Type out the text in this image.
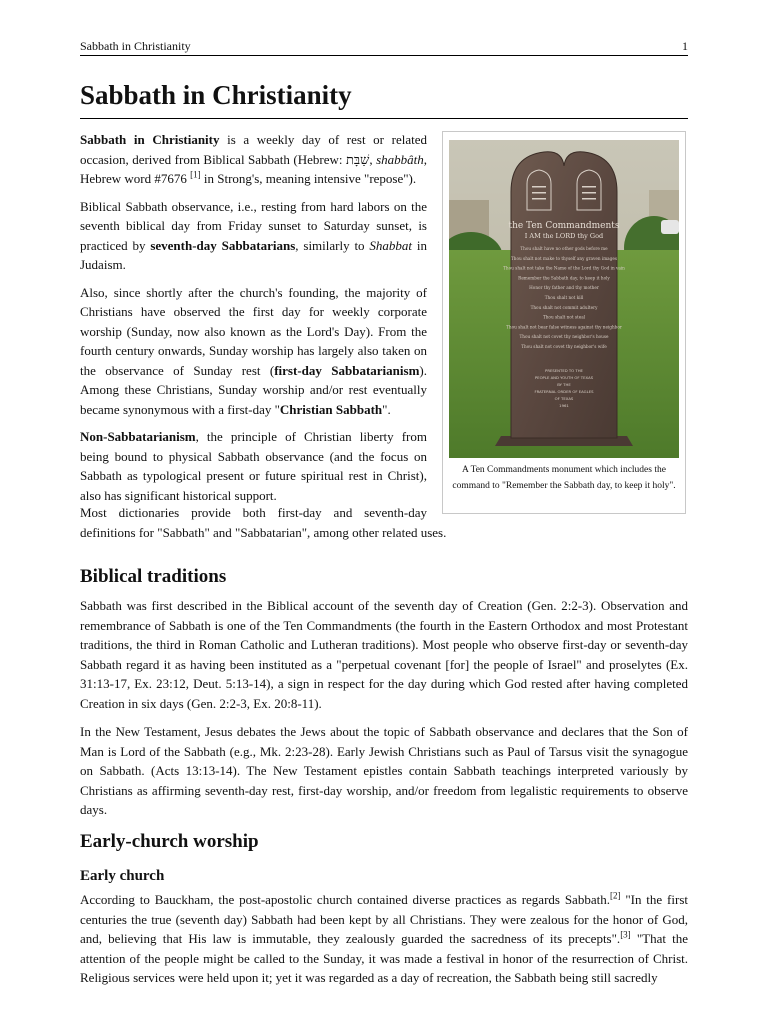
Sabbath in Christianity	1
Sabbath in Christianity

Sabbath in Christianity is a weekly day of rest or related occasion, derived from Biblical Sabbath (Hebrew: שַׁבָּת, shabbâth, Hebrew word #7676 [1] in Strong's, meaning intensive "repose").

Biblical Sabbath observance, i.e., resting from hard labors on the seventh biblical day from Friday sunset to Saturday sunset, is practiced by seventh-day Sabbatarians, similarly to Shabbat in Judaism.

Also, since shortly after the church's founding, the majority of Christians have observed the first day for weekly corporate worship (Sunday, now also known as the Lord's Day). From the fourth century onwards, Sunday worship has largely also taken on the observance of Sunday rest (first-day Sabbatarianism). Among these Christians, Sunday worship and/or rest eventually became synonymous with a first-day "Christian Sabbath".

Non-Sabbatarianism, the principle of Christian liberty from being bound to physical Sabbath observance (and the focus on Sabbath as typological present or future spiritual rest in Christ), also has significant historical support.

the Ten Commandments
I AM the LORD thy God
Thou shalt have no other gods before me
Thou shalt not make to thyself any graven images
Thou shalt not take the Name of the Lord thy God in vain
Remember the Sabbath day, to keep it holy
Honor thy father and thy mother
Thou shalt not kill
Thou shalt not commit adultery
Thou shalt not steal
Thou shalt not bear false witness against thy neighbor
Thou shalt not covet thy neighbor's house
Thou shalt not covet thy neighbor's wife
PRESENTED TO THE
PEOPLE AND YOUTH OF TEXAS
BY THE
FRATERNAL ORDER OF EAGLES
OF TEXAS
1961
A Ten Commandments monument which includes the command to "Remember the Sabbath day, to keep it holy".

Most dictionaries provide both first-day and seventh-day

definitions for "Sabbath" and "Sabbatarian", among other related uses.

Biblical traditions

Sabbath was first described in the Biblical account of the seventh day of Creation (Gen. 2:2-3). Observation and remembrance of Sabbath is one of the Ten Commandments (the fourth in the Eastern Orthodox and most Protestant traditions, the third in Roman Catholic and Lutheran traditions). Most people who observe first-day or seventh-day Sabbath regard it as having been instituted as a "perpetual covenant [for] the people of Israel" and proselytes (Ex. 31:13-17, Ex. 23:12, Deut. 5:13-14), a sign in respect for the day during which God rested after having completed Creation in six days (Gen. 2:2-3, Ex. 20:8-11).

In the New Testament, Jesus debates the Jews about the topic of Sabbath observance and declares that the Son of Man is Lord of the Sabbath (e.g., Mk. 2:23-28). Early Jewish Christians such as Paul of Tarsus visit the synagogue on Sabbath. (Acts 13:13-14). The New Testament epistles contain Sabbath teachings interpreted variously by Christians as affirming seventh-day rest, first-day worship, and/or freedom from legalistic requirements to observe days.

Early-church worship
Early church

According to Bauckham, the post-apostolic church contained diverse practices as regards Sabbath.[2] "In the first centuries the true (seventh day) Sabbath had been kept by all Christians. They were zealous for the honor of God, and, believing that His law is immutable, they zealously guarded the sacredness of its precepts".[3] "That the attention of the people might be called to the Sunday, it was made a festival in honor of the resurrection of Christ. Religious services were held upon it; yet it was regarded as a day of recreation, the Sabbath being still sacredly
